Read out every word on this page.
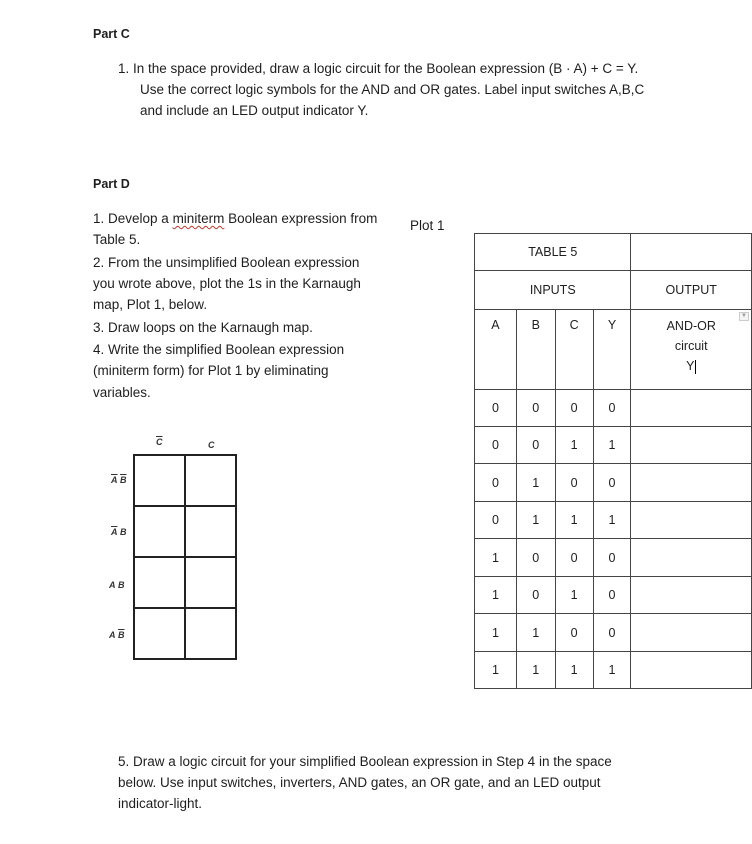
Part C
1. In the space provided, draw a logic circuit for the Boolean expression (B · A) + C = Y.
Use the correct logic symbols for the AND and OR gates. Label input switches A,B,C
and include an LED output indicator Y.
Part D
1. Develop a miniterm Boolean expression from
Table 5.
Plot 1
2. From the unsimplified Boolean expression
you wrote above, plot the 1s in the Karnaugh
map, Plot 1, below.
3. Draw loops on the Karnaugh map.
4. Write the simplified Boolean expression
(miniterm form) for Plot 1 by eliminating
variables.
$\overline{C}$	C
$\overline{A}$ $\overline{B}$
$\overline{A}$ B
A B
A $\overline{B}$
TABLE 5				
INPUTS				OUTPUT
A	B	C	Y	AND-OR
circuit
Y
▼

0	0	0	0	
0	0	1	1	
0	1	0	0	
0	1	1	1	
1	0	0	0	
1	0	1	0	
1	1	0	0	
1	1	1	1	
5. Draw a logic circuit for your simplified Boolean expression in Step 4 in the space
below. Use input switches, inverters, AND gates, an OR gate, and an LED output
indicator-light.
